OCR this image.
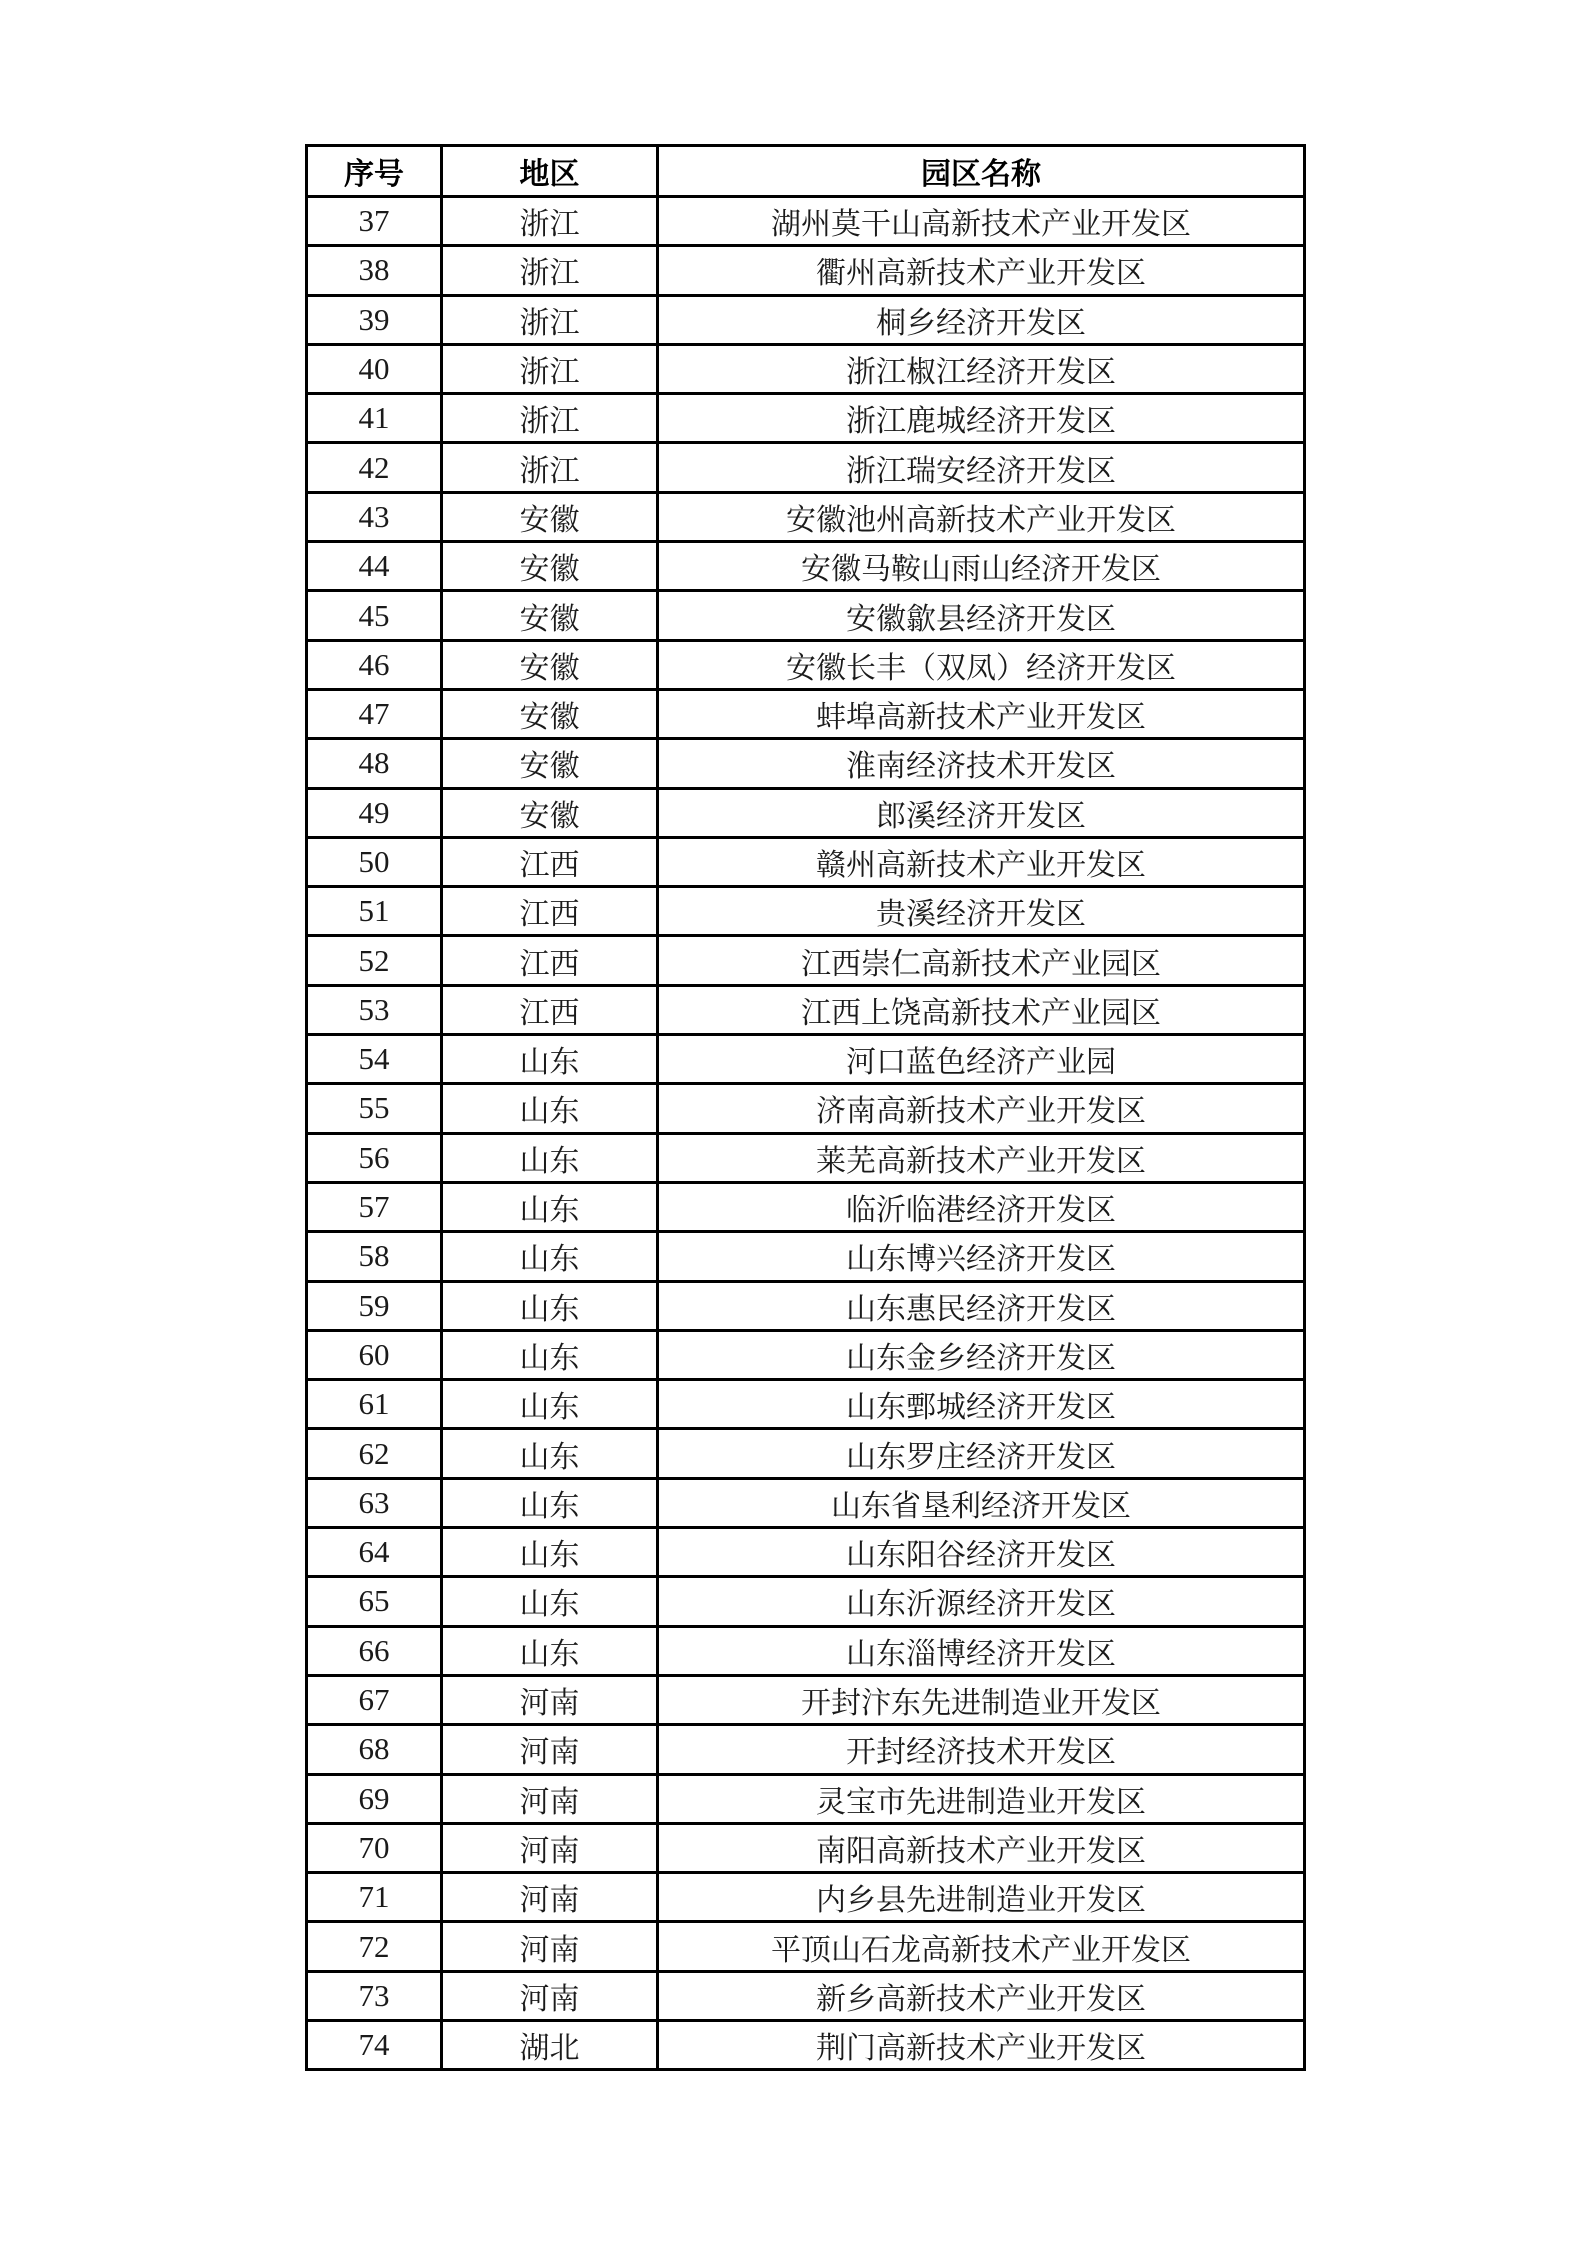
序号	地区	园区名称
37	浙江	湖州莫干山高新技术产业开发区
38	浙江	衢州高新技术产业开发区
39	浙江	桐乡经济开发区
40	浙江	浙江椒江经济开发区
41	浙江	浙江鹿城经济开发区
42	浙江	浙江瑞安经济开发区
43	安徽	安徽池州高新技术产业开发区
44	安徽	安徽马鞍山雨山经济开发区
45	安徽	安徽歙县经济开发区
46	安徽	安徽长丰（双凤）经济开发区
47	安徽	蚌埠高新技术产业开发区
48	安徽	淮南经济技术开发区
49	安徽	郎溪经济开发区
50	江西	赣州高新技术产业开发区
51	江西	贵溪经济开发区
52	江西	江西崇仁高新技术产业园区
53	江西	江西上饶高新技术产业园区
54	山东	河口蓝色经济产业园
55	山东	济南高新技术产业开发区
56	山东	莱芜高新技术产业开发区
57	山东	临沂临港经济开发区
58	山东	山东博兴经济开发区
59	山东	山东惠民经济开发区
60	山东	山东金乡经济开发区
61	山东	山东鄄城经济开发区
62	山东	山东罗庄经济开发区
63	山东	山东省垦利经济开发区
64	山东	山东阳谷经济开发区
65	山东	山东沂源经济开发区
66	山东	山东淄博经济开发区
67	河南	开封汴东先进制造业开发区
68	河南	开封经济技术开发区
69	河南	灵宝市先进制造业开发区
70	河南	南阳高新技术产业开发区
71	河南	内乡县先进制造业开发区
72	河南	平顶山石龙高新技术产业开发区
73	河南	新乡高新技术产业开发区
74	湖北	荆门高新技术产业开发区
